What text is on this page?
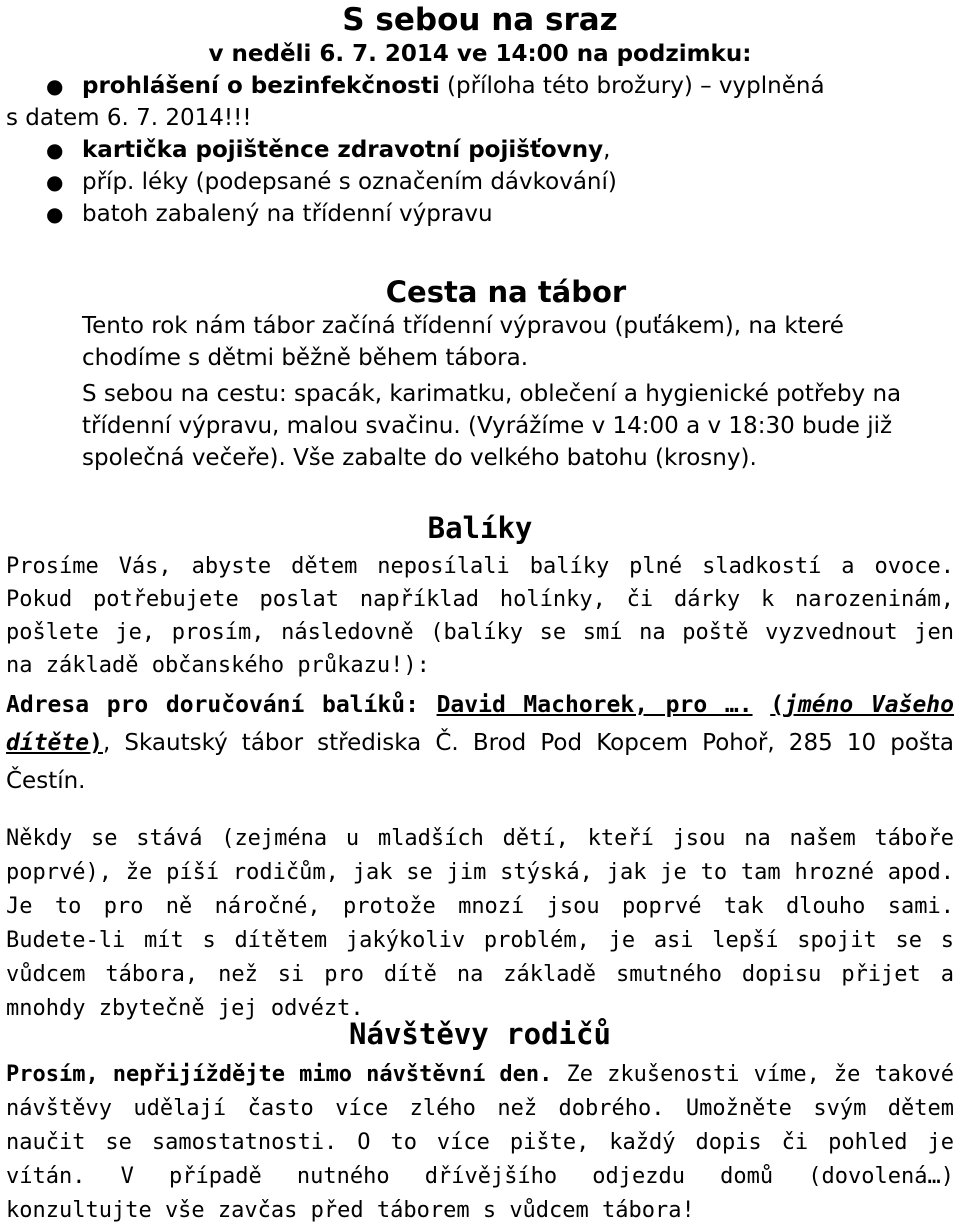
S sebou na sraz

v neděli 6. 7. 2014 ve 14:00 na podzimku:

● prohlášení o bezinfekčnosti (příloha této brožury) – vyplněná
s datem 6. 7. 2014!!!
● kartička pojištěnce zdravotní pojišťovny,
● příp. léky (podepsané s označením dávkování)
● batoh zabalený na třídenní výpravu
Cesta na tábor

Tento rok nám tábor začíná třídenní výpravou (puťákem), na které chodíme s dětmi běžně během tábora.

S sebou na cestu: spacák, karimatku, oblečení a hygienické potřeby na třídenní výpravu, malou svačinu. (Vyrážíme v 14:00 a v 18:30 bude již společná večeře). Vše zabalte do velkého batohu (krosny).

Balíky

Prosíme Vás, abyste dětem neposílali balíky plné sladkostí a ovoce. Pokud potřebujete poslat například holínky, či dárky k narozeninám, pošlete je, prosím, následovně (balíky se smí na poště vyzvednout jen na základě občanského průkazu!):

Adresa pro doručování balíků: David Machorek, pro …. (jméno Vašeho dítěte), Skautský tábor střediska Č. Brod Pod Kopcem Pohoř, 285 10 pošta Čestín.

Někdy se stává (zejména u mladších dětí, kteří jsou na našem táboře poprvé), že píší rodičům, jak se jim stýská, jak je to tam hrozné apod. Je to pro ně náročné, protože mnozí jsou poprvé tak dlouho sami. Budete-li mít s dítětem jakýkoliv problém, je asi lepší spojit se s vůdcem tábora, než si pro dítě na základě smutného dopisu přijet a mnohdy zbytečně jej odvézt.

Návštěvy rodičů

Prosím, nepřijíždějte mimo návštěvní den. Ze zkušenosti víme, že takové návštěvy udělají často více zlého než dobrého. Umožněte svým dětem naučit se samostatnosti. O to více pište, každý dopis či pohled je vítán. V případě nutného dřívějšího odjezdu domů (dovolená…) konzultujte vše zavčas před táborem s vůdcem tábora!
